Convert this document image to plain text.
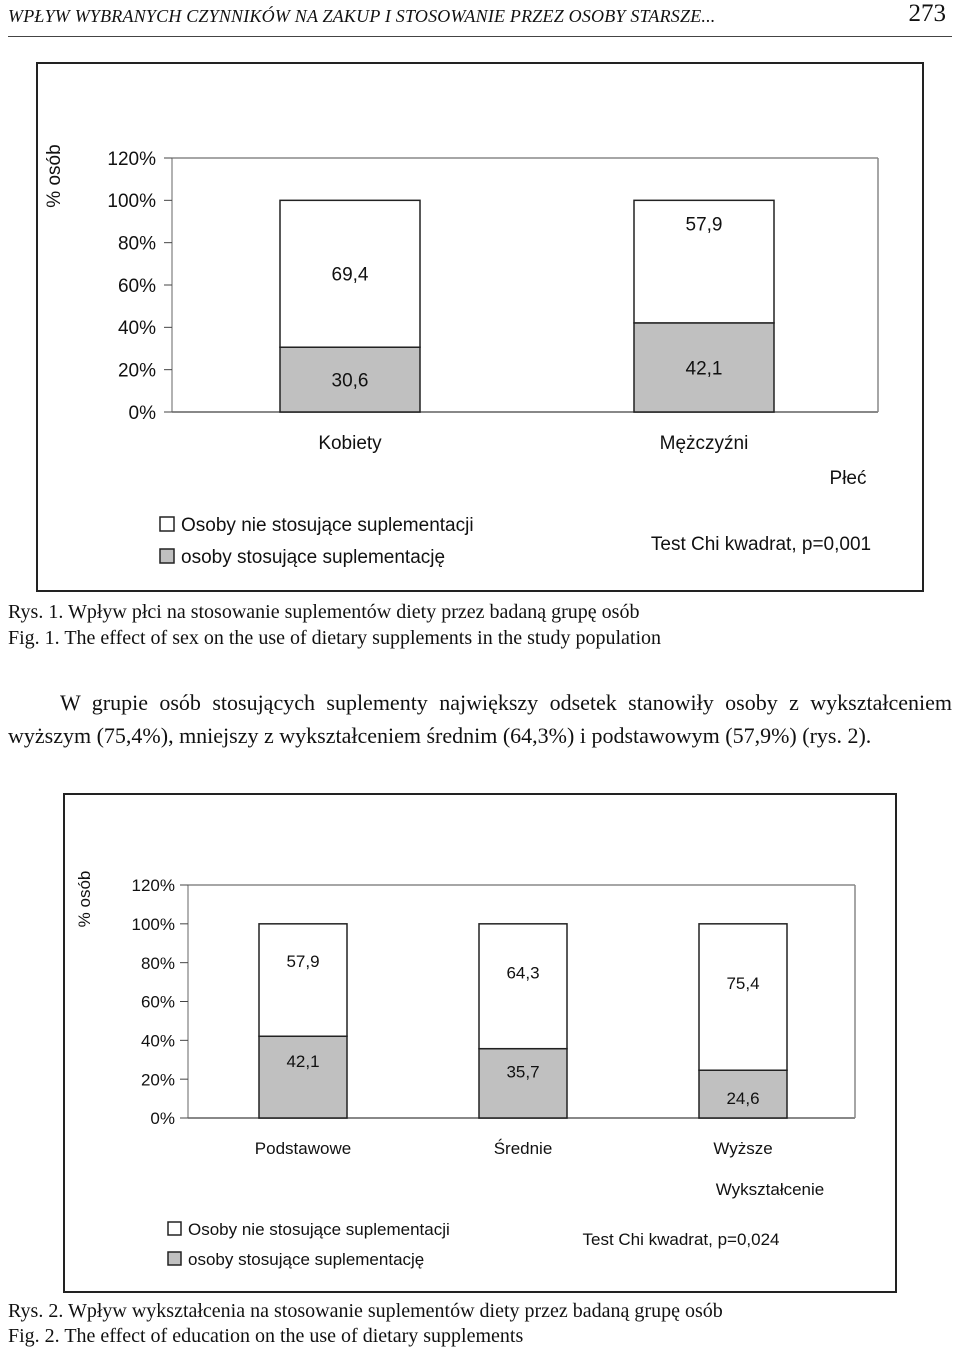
WPŁYW WYBRANYCH CZYNNIKÓW NA ZAKUP I STOSOWANIE PRZEZ OSOBY STARSZE...	273
% osób
0%
20%
40%
60%
80%
100%
120%
30,6
69,4
Kobiety
42,1
57,9
Mężczyźni
Płeć
Osoby nie stosujące suplementacji
osoby stosujące suplementację
Test Chi kwadrat, p=0,001
Rys. 1. Wpływ płci na stosowanie suplementów diety przez badaną grupę osób
Fig. 1. The effect of sex on the use of dietary supplements in the study population
W grupie osób stosujących suplementy największy odsetek stanowiły osoby z wykształceniem wyższym (75,4%), mniejszy z wykształceniem średnim (64,3%) i podstawowym (57,9%) (rys. 2).
% osób
0%
20%
40%
60%
80%
100%
120%
42,1
57,9
Podstawowe
35,7
64,3
Średnie
24,6
75,4
Wyższe
Wykształcenie
Osoby nie stosujące suplementacji
osoby stosujące suplementację
Test Chi kwadrat, p=0,024
Rys. 2. Wpływ wykształcenia na stosowanie suplementów diety przez badaną grupę osób
Fig. 2. The effect of education on the use of dietary supplements
